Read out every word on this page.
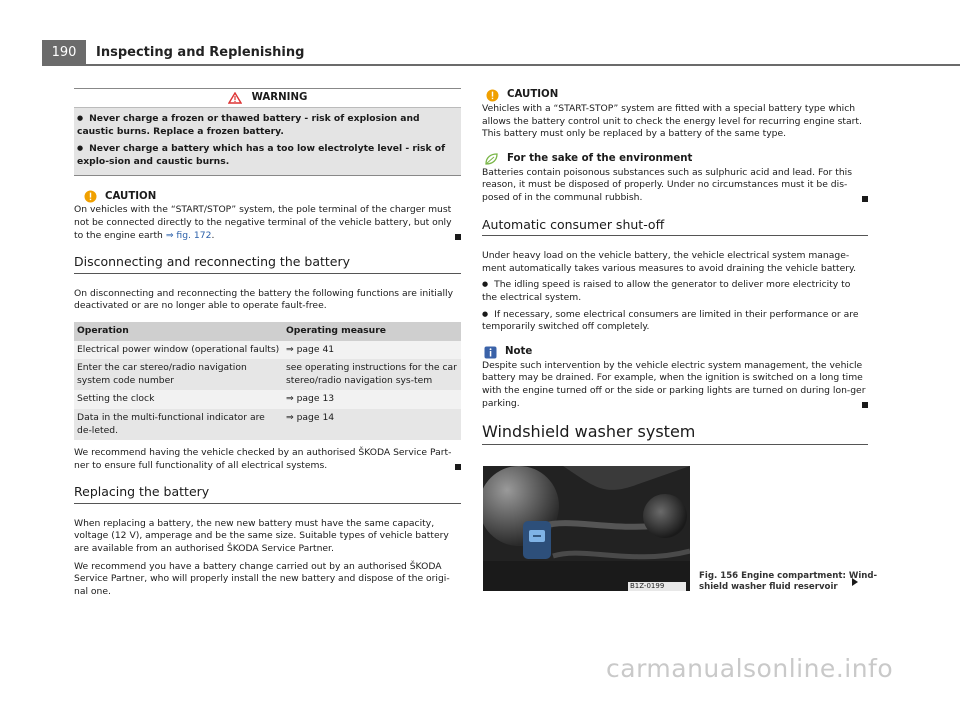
190	Inspecting and Replenishing
WARNING

● Never charge a frozen or thawed battery - risk of explosion and caustic burns. Replace a frozen battery.

● Never charge a battery which has a too low electrolyte level - risk of explo-sion and caustic burns.

CAUTION

On vehicles with the “START/STOP” system, the pole terminal of the charger must not be connected directly to the negative terminal of the vehicle battery, but only to the engine earth ⇒ fig. 172.

Disconnecting and reconnecting the battery

On disconnecting and reconnecting the battery the following functions are initially deactivated or are no longer able to operate fault-free.

Operation	Operating measure
Electrical power window (operational faults)	⇒ page 41
Enter the car stereo/radio navigation system code number	see operating instructions for the car stereo/radio navigation sys-tem
Setting the clock	⇒ page 13
Data in the multi-functional indicator are de-leted.	⇒ page 14

We recommend having the vehicle checked by an authorised ŠKODA Service Part-ner to ensure full functionality of all electrical systems.

Replacing the battery

When replacing a battery, the new new battery must have the same capacity, voltage (12 V), amperage and be the same size. Suitable types of vehicle battery are available from an authorised ŠKODA Service Partner.

We recommend you have a battery change carried out by an authorised ŠKODA Service Partner, who will properly install the new battery and dispose of the origi-nal one.

CAUTION

Vehicles with a “START-STOP” system are fitted with a special battery type which allows the battery control unit to check the energy level for recurring engine start. This battery must only be replaced by a battery of the same type.

For the sake of the environment

Batteries contain poisonous substances such as sulphuric acid and lead. For this reason, it must be disposed of properly. Under no circumstances must it be dis-posed of in the communal rubbish.

Automatic consumer shut-off

Under heavy load on the vehicle battery, the vehicle electrical system manage-ment automatically takes various measures to avoid draining the vehicle battery.

● The idling speed is raised to allow the generator to deliver more electricity to the electrical system.

● If necessary, some electrical consumers are limited in their performance or are temporarily switched off completely.

Note

Despite such intervention by the vehicle electric system management, the vehicle battery may be drained. For example, when the ignition is switched on a long time with the engine turned off or the side or parking lights are turned on during lon-ger parking.

Windshield washer system
B1Z-0199
Fig. 156 Engine compartment: Wind-
shield washer fluid reservoir
carmanualsonline.info
